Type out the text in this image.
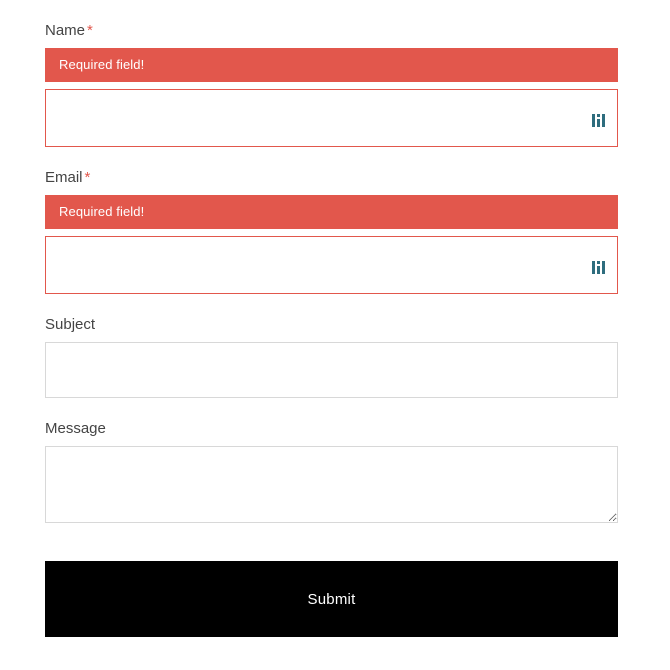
Name *
Required field!
Email *
Required field!
Subject
Message
Submit
